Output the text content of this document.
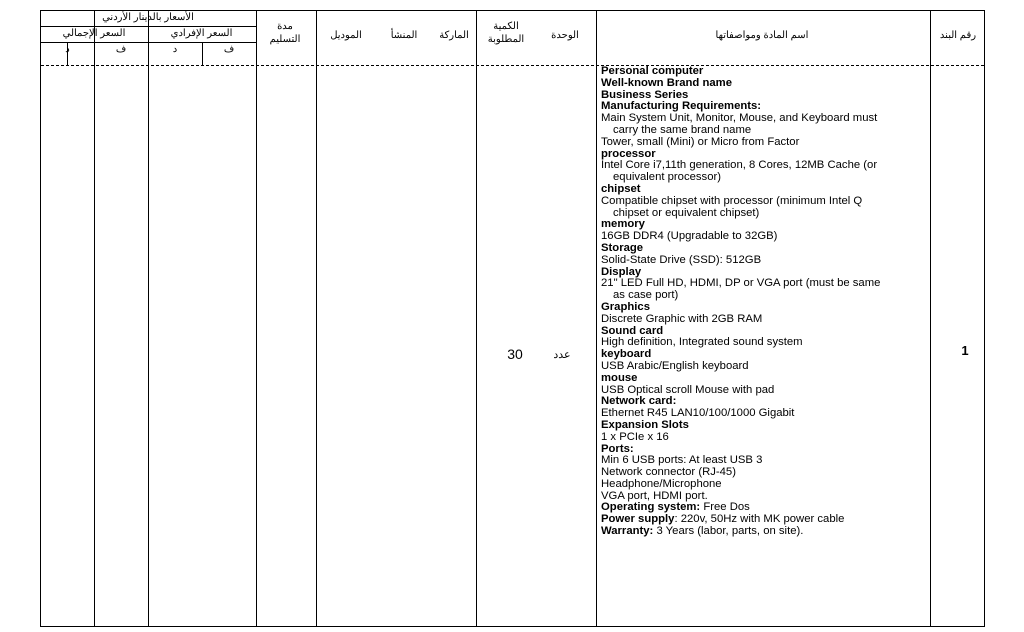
رقم البند
اسم المادة ومواصفاتها
الوحدة
الكمية
المطلوبة
الماركة
المنشأ
الموديل
مدة
التسليم
الأسعار بالدينار الأردني
السعر الإفرادي
السعر الإجمالي
ف
د
ف
د
1
عدد
30
Personal computer
Well-known Brand name
Business Series
Manufacturing Requirements:
Main System Unit, Monitor, Mouse, and Keyboard must
carry the same brand name
Tower, small (Mini) or Micro from Factor
processor
Intel Core i7,11th generation, 8 Cores, 12MB Cache (or
equivalent processor)
chipset
Compatible chipset with processor (minimum Intel Q
chipset or equivalent chipset)
memory
16GB DDR4 (Upgradable to 32GB)
Storage
Solid-State Drive (SSD): 512GB
Display
21" LED Full HD, HDMI, DP or VGA port (must be same
as case port)
Graphics
Discrete Graphic with 2GB RAM
Sound card
High definition, Integrated sound system
keyboard
USB Arabic/English keyboard
mouse
USB Optical scroll Mouse with pad
Network card:
Ethernet R45 LAN10/100/1000 Gigabit
Expansion Slots
1 x PCIe x 16
Ports:
Min 6 USB ports: At least USB 3
Network connector (RJ-45)
Headphone/Microphone
VGA port, HDMI port.
Operating system: Free Dos
Power supply: 220v, 50Hz with MK power cable
Warranty: 3 Years (labor, parts, on site).
